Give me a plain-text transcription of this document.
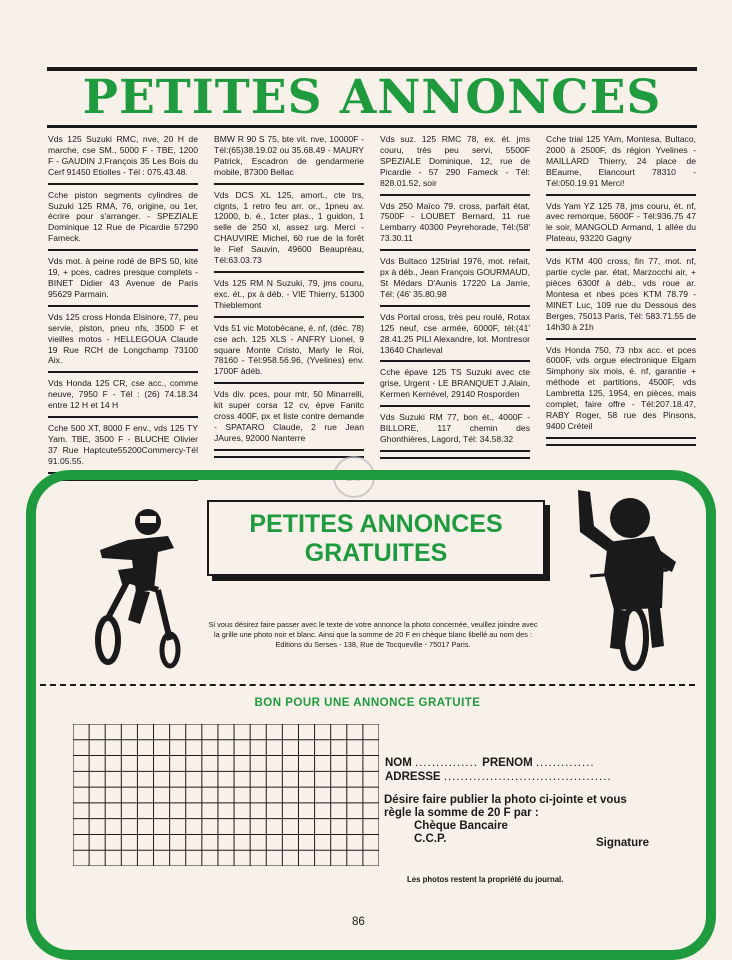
PETITES ANNONCES
Vds 125 Suzuki RMC, nve, 20 H de marche, cse SM., 5000 F - TBE, 1200 F - GAUDIN J.François 35 Les Bois du Cerf 91450 Etiolles - Tél : 075.43.48.
Cche piston segments cylindres de Suzuki 125 RMA, 76, origine, ou 1er, écrire pour s'arranger. - SPEZIALE Dominique 12 Rue de Picardie 57290 Fameck.
Vds mot. à peine rodé de BPS 50, kité 19, + pces, cadres presque complets - BINET Didier 43 Avenue de Paris 95629 Parmain.
Vds 125 cross Honda Elsinore, 77, peu servie, piston, pneu nfs, 3500 F et vieilles motos - HELLEGOUA Claude 19 Rue RCH de Longchamp 73100 Aix.
Vds Honda 125 CR, cse acc., comme neuve, 7950 F - Tél : (26) 74.18.34 entre 12 H et 14 H
Cche 500 XT, 8000 F env., vds 125 TY Yam. TBE, 3500 F - BLUCHE Olivier 37 Rue Haptcute55200Commercy-Tél 91.05.55.
BMW R 90 S 75, bte vit. nve, 10000F - Tél:(65)38.19.02 ou 35.68.49 - MAURY Patrick, Escadron de gendarmerie mobile, 87300 Bellac
Vds DCS XL 125, amort., cte trs, clgnts, 1 retro feu arr. or., 1pneu av. 12000, b. é., 1cter plas., 1 guidon, 1 selle de 250 xl, assez urg. Merci - CHAUVIRE Michel, 60 rue de la forêt le Fief Sauvin, 49600 Beaupréau, Tél:63.03.73
Vds 125 RM N Suzuki, 79, jms couru, exc. ét., px à déb. - VIE Thierry, 51300 Thieblemont
Vds 51 vic Motobécane, é. nf, (déc. 78) cse ach. 125 XLS - ANFRY Lionel, 9 square Monte Cristo, Marly le Roi, 78160 - Tél:958.56.96, (Yvelines) env. 1700F àdéb.
Vds div. pces, pour mtr, 50 Minarrelli, kit super corsa 12 cv, èpve Fanitc cross 400F, px et liste contre demande - SPATARO Claude, 2 rue Jean JAures, 92000 Nanterre
Vds suz. 125 RMC 78, ex. ét. jms couru, très peu servi, 5500F SPEZIALE Dominique, 12, rue de Picardie - 57 290 Fameck - Tél: 828.01.52, soir
Vds 250 Maïco 79. cross, parfait état, 7500F - LOUBET Bernard, 11 rue Lembarry 40300 Peyrehorade, Tél:(58' 73.30.11
Vds Bultaco 125trial 1976, mot. refait, px à déb., Jean François GOURMAUD, St Médars D'Aunis 17220 La Jarrie, Tél: (46' 35.80.98
Vds Portal cross, très peu roulé, Rotax 125 neuf, cse armée, 6000F, tél:(41' 28.41.25 PILI Alexandre, lot. Montresor 13640 Charleval
Cche épave 125 TS Suzuki avec cte grise, Urgent - LE BRANQUET J.Alain, Kermen Kernével, 29140 Rosporden
Vds Suzuki RM 77, bon ét., 4000F - BILLORE, 117 chemin des Ghonthières, Lagord, Tél: 34.58.32
Cche trial 125 YAm, Montesa, Bultaco, 2000 à 2500F, ds région Yvelines - MAILLARD Thierry, 24 place de BEaume, Elancourt 78310 - Tél:050.19.91 Merci!
Vds Yam YZ 125 78, jms couru, ét. nf, avec remorque, 5600F - Tél:936.75 47 le soir, MANGOLD Armand, 1 allée du Plateau, 93220 Gagny
Vds KTM 400 cross, fin 77, mot. nf, partie cycle par. état, Marzocchi air, + pièces 6300f à déb., vds roue ar. Montesa et nbes pces KTM 78.79 - MINET Luc, 109 rue du Dessous des Berges, 75013 Paris, Tél: 583.71.55 de 14h30 à 21h
Vds Honda 750, 73 nbx acc. et pces 6000F, vds orgue electronique Elgam Simphony six mois, é. nf, garantie + méthode et partitions, 4500F, vds Lambretta 125, 1954, en pièces, mais complet, faire offre - Tél:207.18.47, RABY Roger, 58 rue des Pinsons, 9400 Créteil
LG
PETITES ANNONCES
GRATUITES
Si vous désirez faire passer avec le texte de votre annonce la photo concernée, veuillez joindre avec la grille une photo noir et blanc. Ainsi que la somme de 20 F en chèque blanc libellé au nom des : Editions du Serses - 138, Rue de Tocqueville - 75017 Paris.
BON POUR UNE ANNONCE GRATUITE
NOM ............... PRENOM ..............
ADRESSE ........................................
Désire faire publier la photo ci-jointe et vous
règle la somme de 20 F par :
Chèque Bancaire
C.C.P.	Signature
Les photos restent la propriété du journal.
86
